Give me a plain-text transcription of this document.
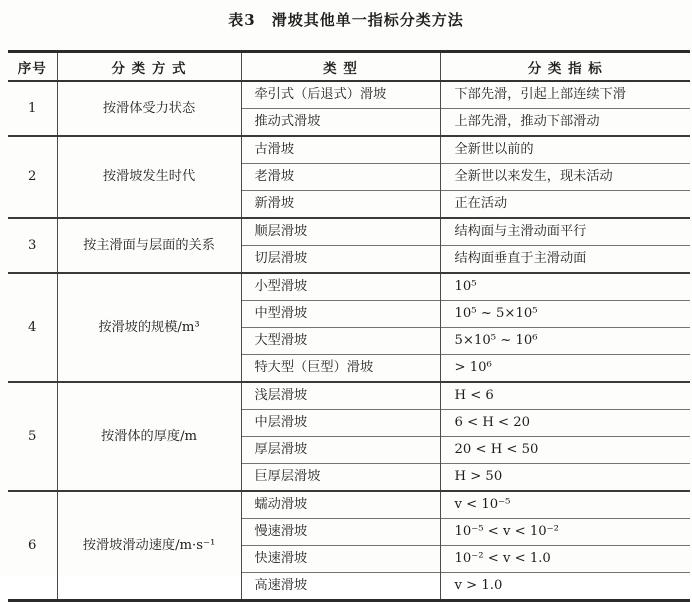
表3　滑坡其他单一指标分类方法
序号	分 类 方 式	类 型	分 类 指 标
1	按滑体受力状态	牵引式（后退式）滑坡	下部先滑，引起上部连续下滑
		推动式滑坡	上部先滑，推动下部滑动
2	按滑坡发生时代	古滑坡	全新世以前的
		老滑坡	全新世以来发生，现未活动
		新滑坡	正在活动
3	按主滑面与层面的关系	顺层滑坡	结构面与主滑动面平行
		切层滑坡	结构面垂直于主滑动面
4	按滑坡的规模/m³	小型滑坡	10⁵
		中型滑坡	10⁵ ~ 5×10⁵
		大型滑坡	5×10⁵ ~ 10⁶
		特大型（巨型）滑坡	> 10⁶
5	按滑体的厚度/m	浅层滑坡	H < 6
		中层滑坡	6 < H < 20
		厚层滑坡	20 < H < 50
		巨厚层滑坡	H > 50
6	按滑坡滑动速度/m·s⁻¹	蠕动滑坡	v < 10⁻⁵
		慢速滑坡	10⁻⁵ < v < 10⁻²
		快速滑坡	10⁻² < v < 1.0
		高速滑坡	v > 1.0
